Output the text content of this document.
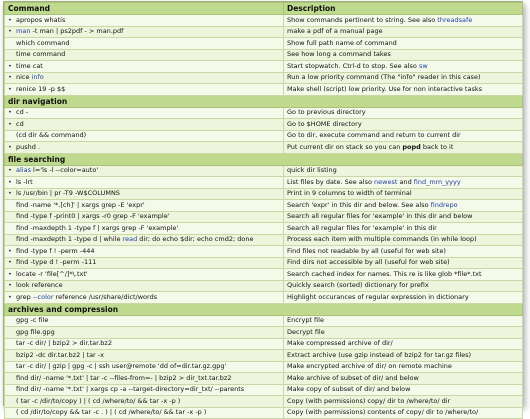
Command	Description
• apropos whatis	Show commands pertinent to string. See also threadsafe
• man -t man | ps2pdf - > man.pdf	make a pdf of a manual page
which command	Show full path name of command
time command	See how long a command takes
• time cat	Start stopwatch. Ctrl-d to stop. See also sw
• nice info	Run a low priority command (The "info" reader in this case)
• renice 19 -p $$	Make shell (script) low priority. Use for non interactive tasks
dir navigation	
• cd -	Go to previous directory
• cd	Go to $HOME directory
(cd dir && command)	Go to dir, execute command and return to current dir
• pushd .	Put current dir on stack so you can popd back to it
file searching	
• alias l='ls -l --color=auto'	quick dir listing
• ls -lrt	List files by date. See also newest and find_mm_yyyy
• ls /usr/bin | pr -T9 -W$COLUMNS	Print in 9 columns to width of terminal
find -name '*.[ch]' | xargs grep -E 'expr'	Search 'expr' in this dir and below. See also findrepo
find -type f -print0 | xargs -r0 grep -F 'example'	Search all regular files for 'example' in this dir and below
find -maxdepth 1 -type f | xargs grep -F 'example'	Search all regular files for 'example' in this dir
find -maxdepth 1 -type d | while read dir; do echo $dir; echo cmd2; done	Process each item with multiple commands (in while loop)
• find -type f ! -perm -444	Find files not readable by all (useful for web site)
• find -type d ! -perm -111	Find dirs not accessible by all (useful for web site)
• locate -r 'file[^/]*\.txt'	Search cached index for names. This re is like glob *file*.txt
• look reference	Quickly search (sorted) dictionary for prefix
• grep --color reference /usr/share/dict/words	Highlight occurances of regular expression in dictionary
archives and compression	
gpg -c file	Encrypt file
gpg file.gpg	Decrypt file
tar -c dir/ | bzip2 > dir.tar.bz2	Make compressed archive of dir/
bzip2 -dc dir.tar.bz2 | tar -x	Extract archive (use gzip instead of bzip2 for tar.gz files)
tar -c dir/ | gzip | gpg -c | ssh user@remote 'dd of=dir.tar.gz.gpg'	Make encrypted archive of dir/ on remote machine
find dir/ -name '*.txt' | tar -c --files-from=- | bzip2 > dir_txt.tar.bz2	Make archive of subset of dir/ and below
find dir/ -name '*.txt' | xargs cp -a --target-directory=dir_txt/ --parents	Make copy of subset of dir/ and below
( tar -c /dir/to/copy ) | ( cd /where/to/ && tar -x -p )	Copy (with permissions) copy/ dir to /where/to/ dir
( cd /dir/to/copy && tar -c . ) | ( cd /where/to/ && tar -x -p )	Copy (with permissions) contents of copy/ dir to /where/to/
